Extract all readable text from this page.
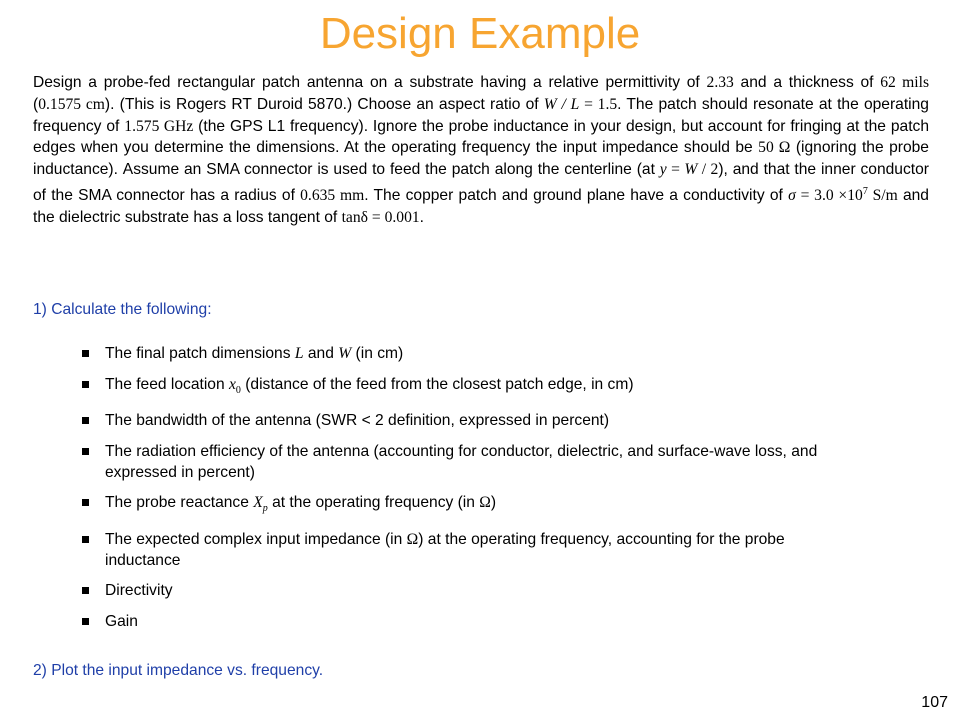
Design Example
Design a probe-fed rectangular patch antenna on a substrate having a relative permittivity of 2.33 and a thickness of 62 mils (0.1575 cm). (This is Rogers RT Duroid 5870.) Choose an aspect ratio of W / L = 1.5. The patch should resonate at the operating frequency of 1.575 GHz (the GPS L1 frequency). Ignore the probe inductance in your design, but account for fringing at the patch edges when you determine the dimensions. At the operating frequency the input impedance should be 50 Ω (ignoring the probe inductance). Assume an SMA connector is used to feed the patch along the centerline (at y = W / 2), and that the inner conductor of the SMA connector has a radius of 0.635 mm. The copper patch and ground plane have a conductivity of $\sigma = 3.0 \times 10^7$ S/m and the dielectric substrate has a loss tangent of tanδ = 0.001.
1) Calculate the following:
The final patch dimensions L and W (in cm)
The feed location $x_0$ (distance of the feed from the closest patch edge, in cm)
The bandwidth of the antenna (SWR < 2 definition, expressed in percent)
The radiation efficiency of the antenna (accounting for conductor, dielectric, and surface-wave loss, and expressed in percent)
The probe reactance $X_p$ at the operating frequency (in Ω)
The expected complex input impedance (in Ω) at the operating frequency, accounting for the probe inductance
Directivity
Gain
2) Plot the input impedance vs. frequency.
107
